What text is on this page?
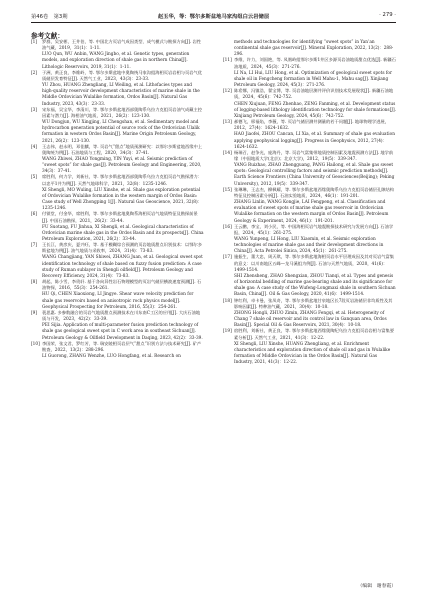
第46卷　第3期	赵玉华，等：鄂尔多斯盆地马家沟组白云岩储层	· 279 ·
参考文献：
[1] 罗群，吴安彬，王井伯，等. 中国北方页岩气成因类型、成气模式与勘探方向[J]. 岩性油气藏，2019，31(1)：1-11.
LUO Qun, WU Anbin, WANG Jingbo, et al. Genetic types, generation models, and exploration direction of shale gas in northern China[J]. Lithologic Reservoirs, 2019, 31(1)：1-11.
[2] 于洲，黄正良，李维岭，等. 鄂尔多斯盆地中奥陶统马家沟组海相页岩岩相与页岩气优质储层发育特征[J]. 天然气工业，2023，43(3)：23-33.
YU Zhou, HUANG Zhengliang, LI Weiling, et al. Lithofacies types and high-quality reservoir development characteristics of marine shale in the Middle Ordovician Wulalike formation, Ordos Basin[J]. Natural Gas Industry, 2023, 43(3)：23-33.
[3] 宋东福，吴宝华，李清川，等. 鄂尔多斯盆地西部奥陶系乌拉力克组页岩油气成藏主控因素与潜力[J]. 海相油气地质，2021，26(2)：123-130.
WU Dongjun, WU Xingjing, LI Chengshan, et al. Sedimentary model and hydrocarbon generation potential of source rock of the Ordovician Ulalik formation in western Ordos Basin[J]. Marine Origin Petroleum Geology, 2021, 26(2)：123-130.
[4] 王志伟，赵永明，邓佳麒，等. 页岩气“甜点”地质预测研究：以鄂尔多斯盆地西缘中上奥陶统为例[J]. 石油地质与工程，2020，34(3)：37-41.
WANG Zhiwei, ZHAO Yongming, YIN Yuyi, et al. Seismic prediction of “sweet spots” for shale gas[J]. Petroleum Geology and Engineering, 2020, 34(3)：37-41.
[5] 席胜利，何力学，刘新社，等. 鄂尔多斯盆地西部奥陶系乌拉力克组页岩气勘探潜力：以忠平1井为例[J]. 天然气地球科学，2021，32(8)：1235-1246.
XI Shengli, MO Wuling, LIU Xinshe, et al. Shale gas exploration potential of Ordovician Wulalike formation in the western margin of Ordos Basin: Case study of Well Zhongping 1[J]. Natural Gas Geoscience, 2021, 32(8)：1235-1246.
[6] 付锁堂，付金华，席胜利，等. 鄂尔多斯盆地奥陶系海相页岩气地质特征及勘探前景[J]. 中国石油勘探，2021，26(2)：33-44.
FU Suotang, FU Jinhua, XI Shengli, et al. Geological characteristics of Ordovician marine shale gas in the Ordos Basin and its prospects[J]. China Petroleum Exploration, 2021, 26(2)：33-44.
[7] 王长江，黄彦庆，夏兴旺，等. 基于模糊综合预测的页岩地质甜点识别技术：以鄂尔多斯盆地为例[J]. 油气地质与采收率，2024，31(4)：73-83.
WANG Changjiang, YAN Shiwei, ZHANG Juan, et al. Geological sweet spot identification technology of shale based on fuzzy fusion prediction: A case study of Ruman sublayer in Shengli oilfield[J]. Petroleum Geology and Recovery Efficiency, 2024, 31(4)：73-83.
[8] 胡起，陈小雪，李贵轩. 基于各向异性岩石物理模型的页岩气储层横波速度预测[J]. 石油物探，2016，55(3)：254-261.
HU Qi, CHEN Xiaoxiong, LI Jingye. Shear wave velocity prediction for shale gas reservoirs based on anisotropic rock physics model[J]. Geophysical Prospecting for Petroleum, 2016, 55(3)：254-261.
[9] 裴思惠. 多参数融合的页岩气地质甜点预测技术在川东南C工区的应用[J]. 大庆石油地质与开发，2023，42(2)：33-39.
PEI Sijia. Application of multi-parameter fusion prediction technology of shale gas geological sweet spot in C work area in southeast Sichuan[J]. Petroleum Geology & Oilfield Development in Daqing, 2023, 42(2)：33-39.
[10] 李国荣，张文君，罗红芳，等. 瑞安陵相页岩层气“甜点”识别方法与技术研究[J]. 矿产勘查，2022，13(2)：288-296.
LI Guorong, ZHANG Wenzhe, LUO Hongfang, et al. Research on
methods and technologies for identifying “sweet spots” in Yan’an continental shale gas reservoir[J]. Mineral Exploration, 2022, 13(2)：288-296.
[11] 李维，许力，刘国艳，等. 凤凰岭组鄂尔多斯1井区多源页岩油地质甜点优选[J]. 新疆石油地质，2024，45(3)：271-276.
LI Na, LI Hui, LIU Hong, et al. Optimization of geological sweet spots for shale oil in Fengcheng formation in Well Mahu-1, Mahu sag[J]. Xinjiang Petroleum Geology, 2024, 45(3)：271-276.
[12] 陈希娜，冯镇浩，翟宝博，等. 页岩油地层测井评价识别技术发展现状[J]. 新疆石油地质，2024，45(6)：742-752.
CHEN Xiujuan, FENG Zhenhao, ZENG Fanming, et al. Development status of logging-based lithology identification technology for shale formations[J]. Xinjiang Petroleum Geology, 2024, 45(6)：742-752.
[13] 郝德飞，邢福焰，李薇，等. 页岩气储层测井测量的若干问题[J]. 地球物理学进展，2012，27(4)：1624-1632.
HAO Jiaofei, ZHOU Cancan, LI Xia, et al. Summary of shale gas evaluation applying geophysical logging[J]. Progress in Geophysics, 2012, 27(4)：1624-1632.
[14] 杨瑞召，赵争光，庞海丹，等. 页岩气富集带地质控制因素及地震预测方法[J]. 地学前缘（中国地质大学(北京)；北京大学)，2012，19(5)：339-347.
YANG Ruizhao, ZHAO Zhengguang, PANG Hailong, et al. Shale gas sweet spots: Geological controlling factors and seismic prediction methods[J]. Earth Science Frontiers (China University of Geosciences(Beijing); Peking University), 2012, 19(5)：339-347.
[15] 张琳琳，王志杰，柳枫耀，等. 鄂尔多斯盆地西缘奥陶系乌拉力克组页岩储层孔隙结构特征及控制因素分析[J]. 石油实验地质，2024，46(1)：191-201.
ZHANG Linlin, WANG Kongjie, LAI Fengpeng, et al. Classification and evaluation of sweet spots of marine shale gas reservoir in Ordovician Wulalike formation on the western margin of Ordos Basin[J]. Petroleum Geology & Experiment, 2024, 46(1)：191-201.
[16] 王云鹏，李宝，刘小民，等. 中国海相页岩气地震勘探技术研究与发展方向[J]. 石油学报，2024，45(1)：261-275.
WANG Yunpeng, LI Hong, LIU Xiaomin, et al. Seismic exploration technologies of marine shale gas and their development directions in China[J]. Acta Petrolei Sinica, 2024, 45(1)：261-275.
[17] 施振生，董大忠，周天琪，等. 鄂尔多斯盆地海相页岩水平层理成因及其对页岩气富集的意义：以川南地区五峰—龙马溪组为例[J]. 石油与天然气地质，2020，41(6)：1499-1514.
SHI Zhensheng, ZHAO Shengxian, ZHOU Tianqi, et al. Types and genesis of horizontal bedding of marine gas-bearing shale and its significance for shale gas: A case study of the Wufeng-Longmaxi shale in southern Sichuan Basin, China[J]. Oil & Gas Geology, 2020, 41(6)：1499-1514.
[18] 钟红利，卓卡曼，张凤奇，等. 鄂尔多斯盆地甘泉地区长7段页岩油储层非均质性及其影响因素[J]. 特种油气藏，2021，30(4)：10-18.
ZHONG Hongli, ZHUO Zimin, ZHANG Fengqi, et al. Heterogeneity of Chang 7 shale oil reservoir and its control law in Ganquan area, Ordos Basin[J]. Special Oil & Gas Reservoirs, 2021, 30(4)：10-18.
[19] 宿胜利，刘新社，黄正良，等. 鄂尔多斯盆地西缘奥陶纪乌拉力克组页岩岩相与富集要素分析[J]. 天然气工业，2021，41(3)：12-22.
XI Shengli, LIU Xinshe, HUANG Zhengliang, et al. Enrichment characteristics and exploration direction of shale oil and gas in Wulalike formation of Middle Ordovician in the Ordos Basin[J]. Natural Gas Industry, 2021, 41(3)：12-22.
（编辑　谢春霞）
